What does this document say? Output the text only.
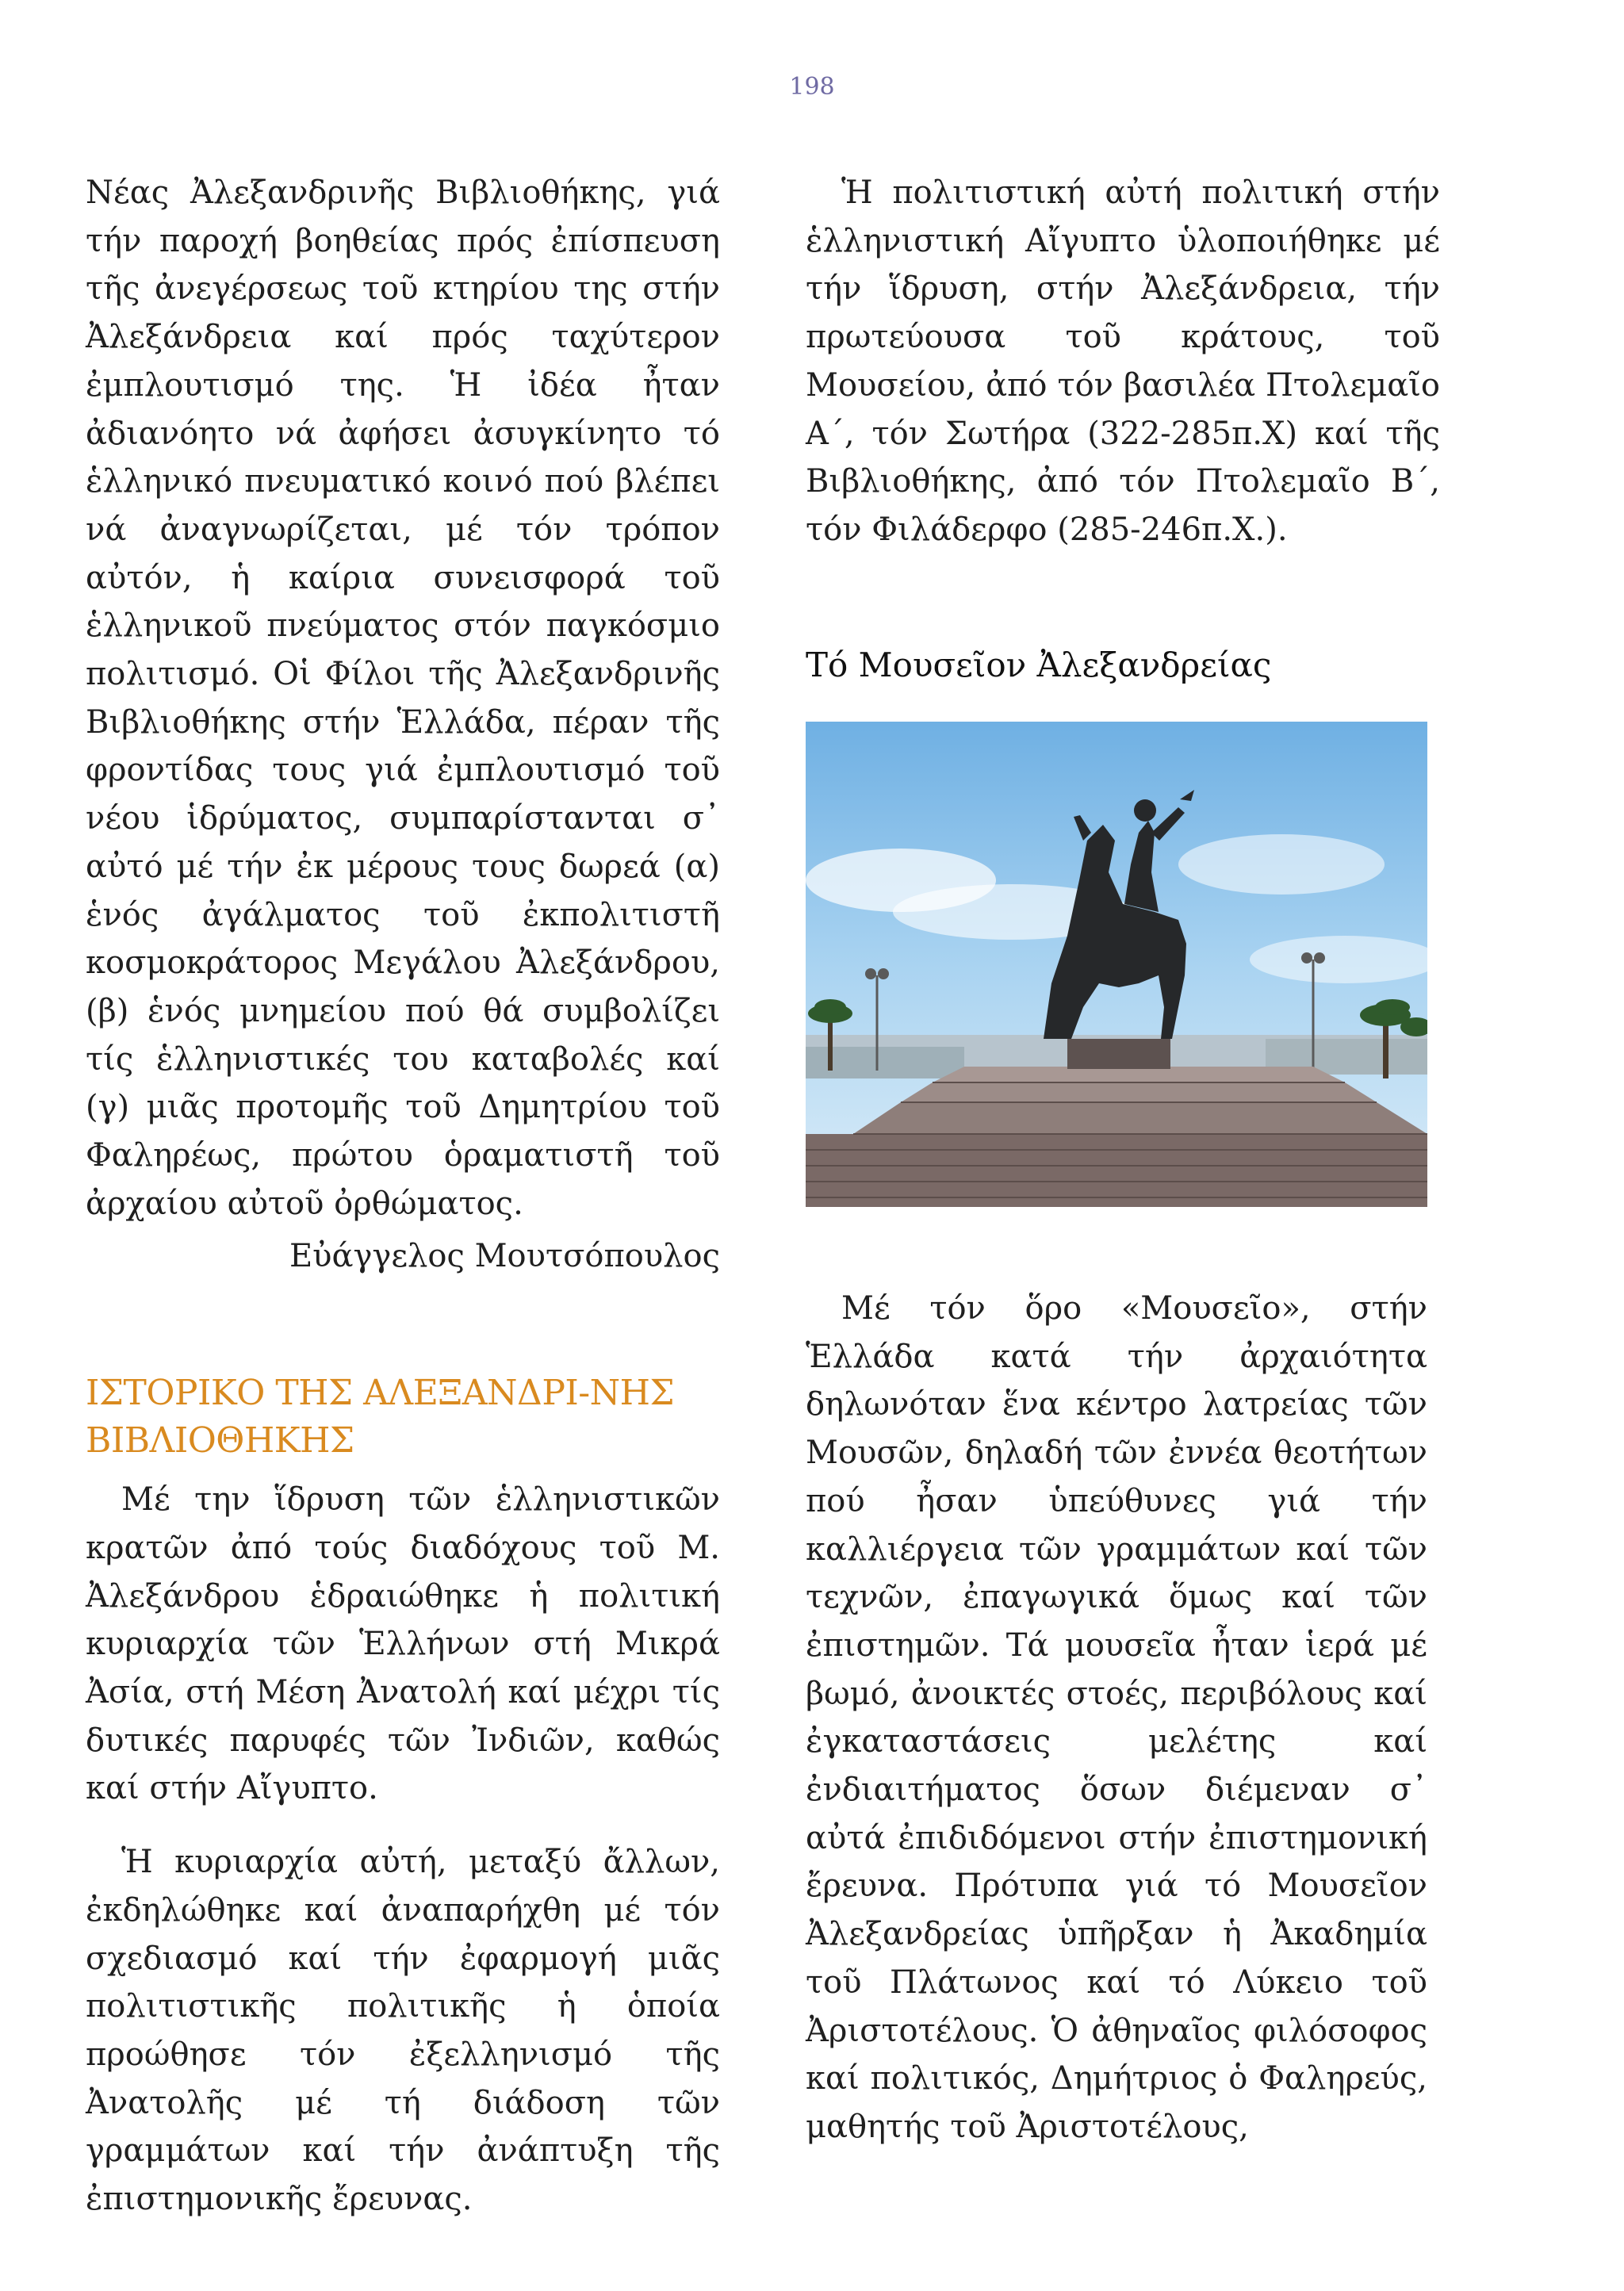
198

Νέας Ἀλεξανδρινῆς Βιβλιοθήκης, γιά τήν παροχή βοηθείας πρός ἐπίσπευση τῆς ἀνεγέρσεως τοῦ κτηρίου της στήν Ἀλεξάνδρεια καί πρός ταχύτερον ἐμπλουτισμό της. Ἡ ἰδέα ἦταν ἀδιανόητο νά ἀφήσει ἀσυγκίνητο τό ἑλληνικό πνευματικό κοινό πού βλέπει νά ἀναγνωρίζεται, μέ τόν τρόπον αὐτόν, ἡ καίρια συνεισφορά τοῦ ἑλληνικοῦ πνεύματος στόν παγκόσμιο πολιτισμό. Οἱ Φίλοι τῆς Ἀλεξανδρινῆς Βιβλιοθήκης στήν Ἑλλάδα, πέραν τῆς φροντίδας τους γιά ἐμπλουτισμό τοῦ νέου ἱδρύματος, συμπαρίστανται σ᾽ αὐτό μέ τήν ἐκ μέρους τους δωρεά (α) ἑνός ἀγάλματος τοῦ ἐκπολιτιστῆ κοσμοκράτορος Μεγάλου Ἀλεξάνδρου, (β) ἑνός μνημείου πού θά συμβολίζει τίς ἑλληνιστικές του καταβολές καί (γ) μιᾶς προτομῆς τοῦ Δημητρίου τοῦ Φαληρέως, πρώτου ὁραματιστῆ τοῦ ἀρχαίου αὐτοῦ ὀρθώματος.

Εὐάγγελος Μουτσόπουλος

ΙΣΤΟΡΙΚΟ ΤΗΣ ΑΛΕΞΑΝΔΡΙ-ΝΗΣ ΒΙΒΛΙΟΘΗΚΗΣ

Μέ την ἵδρυση τῶν ἑλληνιστικῶν κρατῶν ἀπό τούς διαδόχους τοῦ Μ. Ἀλεξάνδρου ἑδραιώθηκε ἡ πολιτική κυριαρχία τῶν Ἑλλήνων στή Μικρά Ἀσία, στή Μέση Ἀνατολή καί μέχρι τίς δυτικές παρυφές τῶν Ἰνδιῶν, καθώς καί στήν Αἴγυπτο.

Ἡ κυριαρχία αὐτή, μεταξύ ἄλλων, ἐκδηλώθηκε καί ἀναπαρήχθη μέ τόν σχεδιασμό καί τήν ἐφαρμογή μιᾶς πολιτιστικῆς πολιτικῆς ἡ ὁποία προώθησε τόν ἐξελληνισμό τῆς Ἀνατολῆς μέ τή διάδοση τῶν γραμμάτων καί τήν ἀνάπτυξη τῆς ἐπιστημονικῆς ἔρευνας.

Ἡ πολιτιστική αὐτή πολιτική στήν ἑλληνιστική Αἴγυπτο ὑλοποιήθηκε μέ τήν ἵδρυση, στήν Ἀλεξάνδρεια, τήν πρωτεύουσα τοῦ κράτους, τοῦ Μουσείου, ἀπό τόν βασιλέα Πτολεμαῖο Α΄, τόν Σωτήρα (322-285π.Χ) καί τῆς Βιβλιοθήκης, ἀπό τόν Πτολεμαῖο Β΄, τόν Φιλάδερφο (285-246π.Χ.).

Τό Μουσεῖον Ἀλεξανδρείας

Μέ τόν ὅρο «Μουσεῖο», στήν Ἑλλάδα κατά τήν ἀρχαιότητα δηλωνόταν ἕνα κέντρο λατρείας τῶν Μουσῶν, δηλαδή τῶν ἐννέα θεοτήτων πού ἦσαν ὑπεύθυνες γιά τήν καλλιέργεια τῶν γραμμάτων καί τῶν τεχνῶν, ἐπαγωγικά ὅμως καί τῶν ἐπιστημῶν. Τά μουσεῖα ἦταν ἱερά μέ βωμό, ἀνοικτές στοές, περιβόλους καί ἐγκαταστάσεις μελέτης καί ἐνδιαιτήματος ὅσων διέμεναν σ᾽ αὐτά ἐπιδιδόμενοι στήν ἐπιστημονική ἔρευνα. Πρότυπα γιά τό Μουσεῖον Ἀλεξανδρείας ὑπῆρξαν ἡ Ἀκαδημία τοῦ Πλάτωνος καί τό Λύκειο τοῦ Ἀριστοτέλους. Ὁ ἀθηναῖος φιλόσοφος καί πολιτικός, Δημήτριος ὁ Φαληρεύς, μαθητής τοῦ Ἀριστοτέλους,
